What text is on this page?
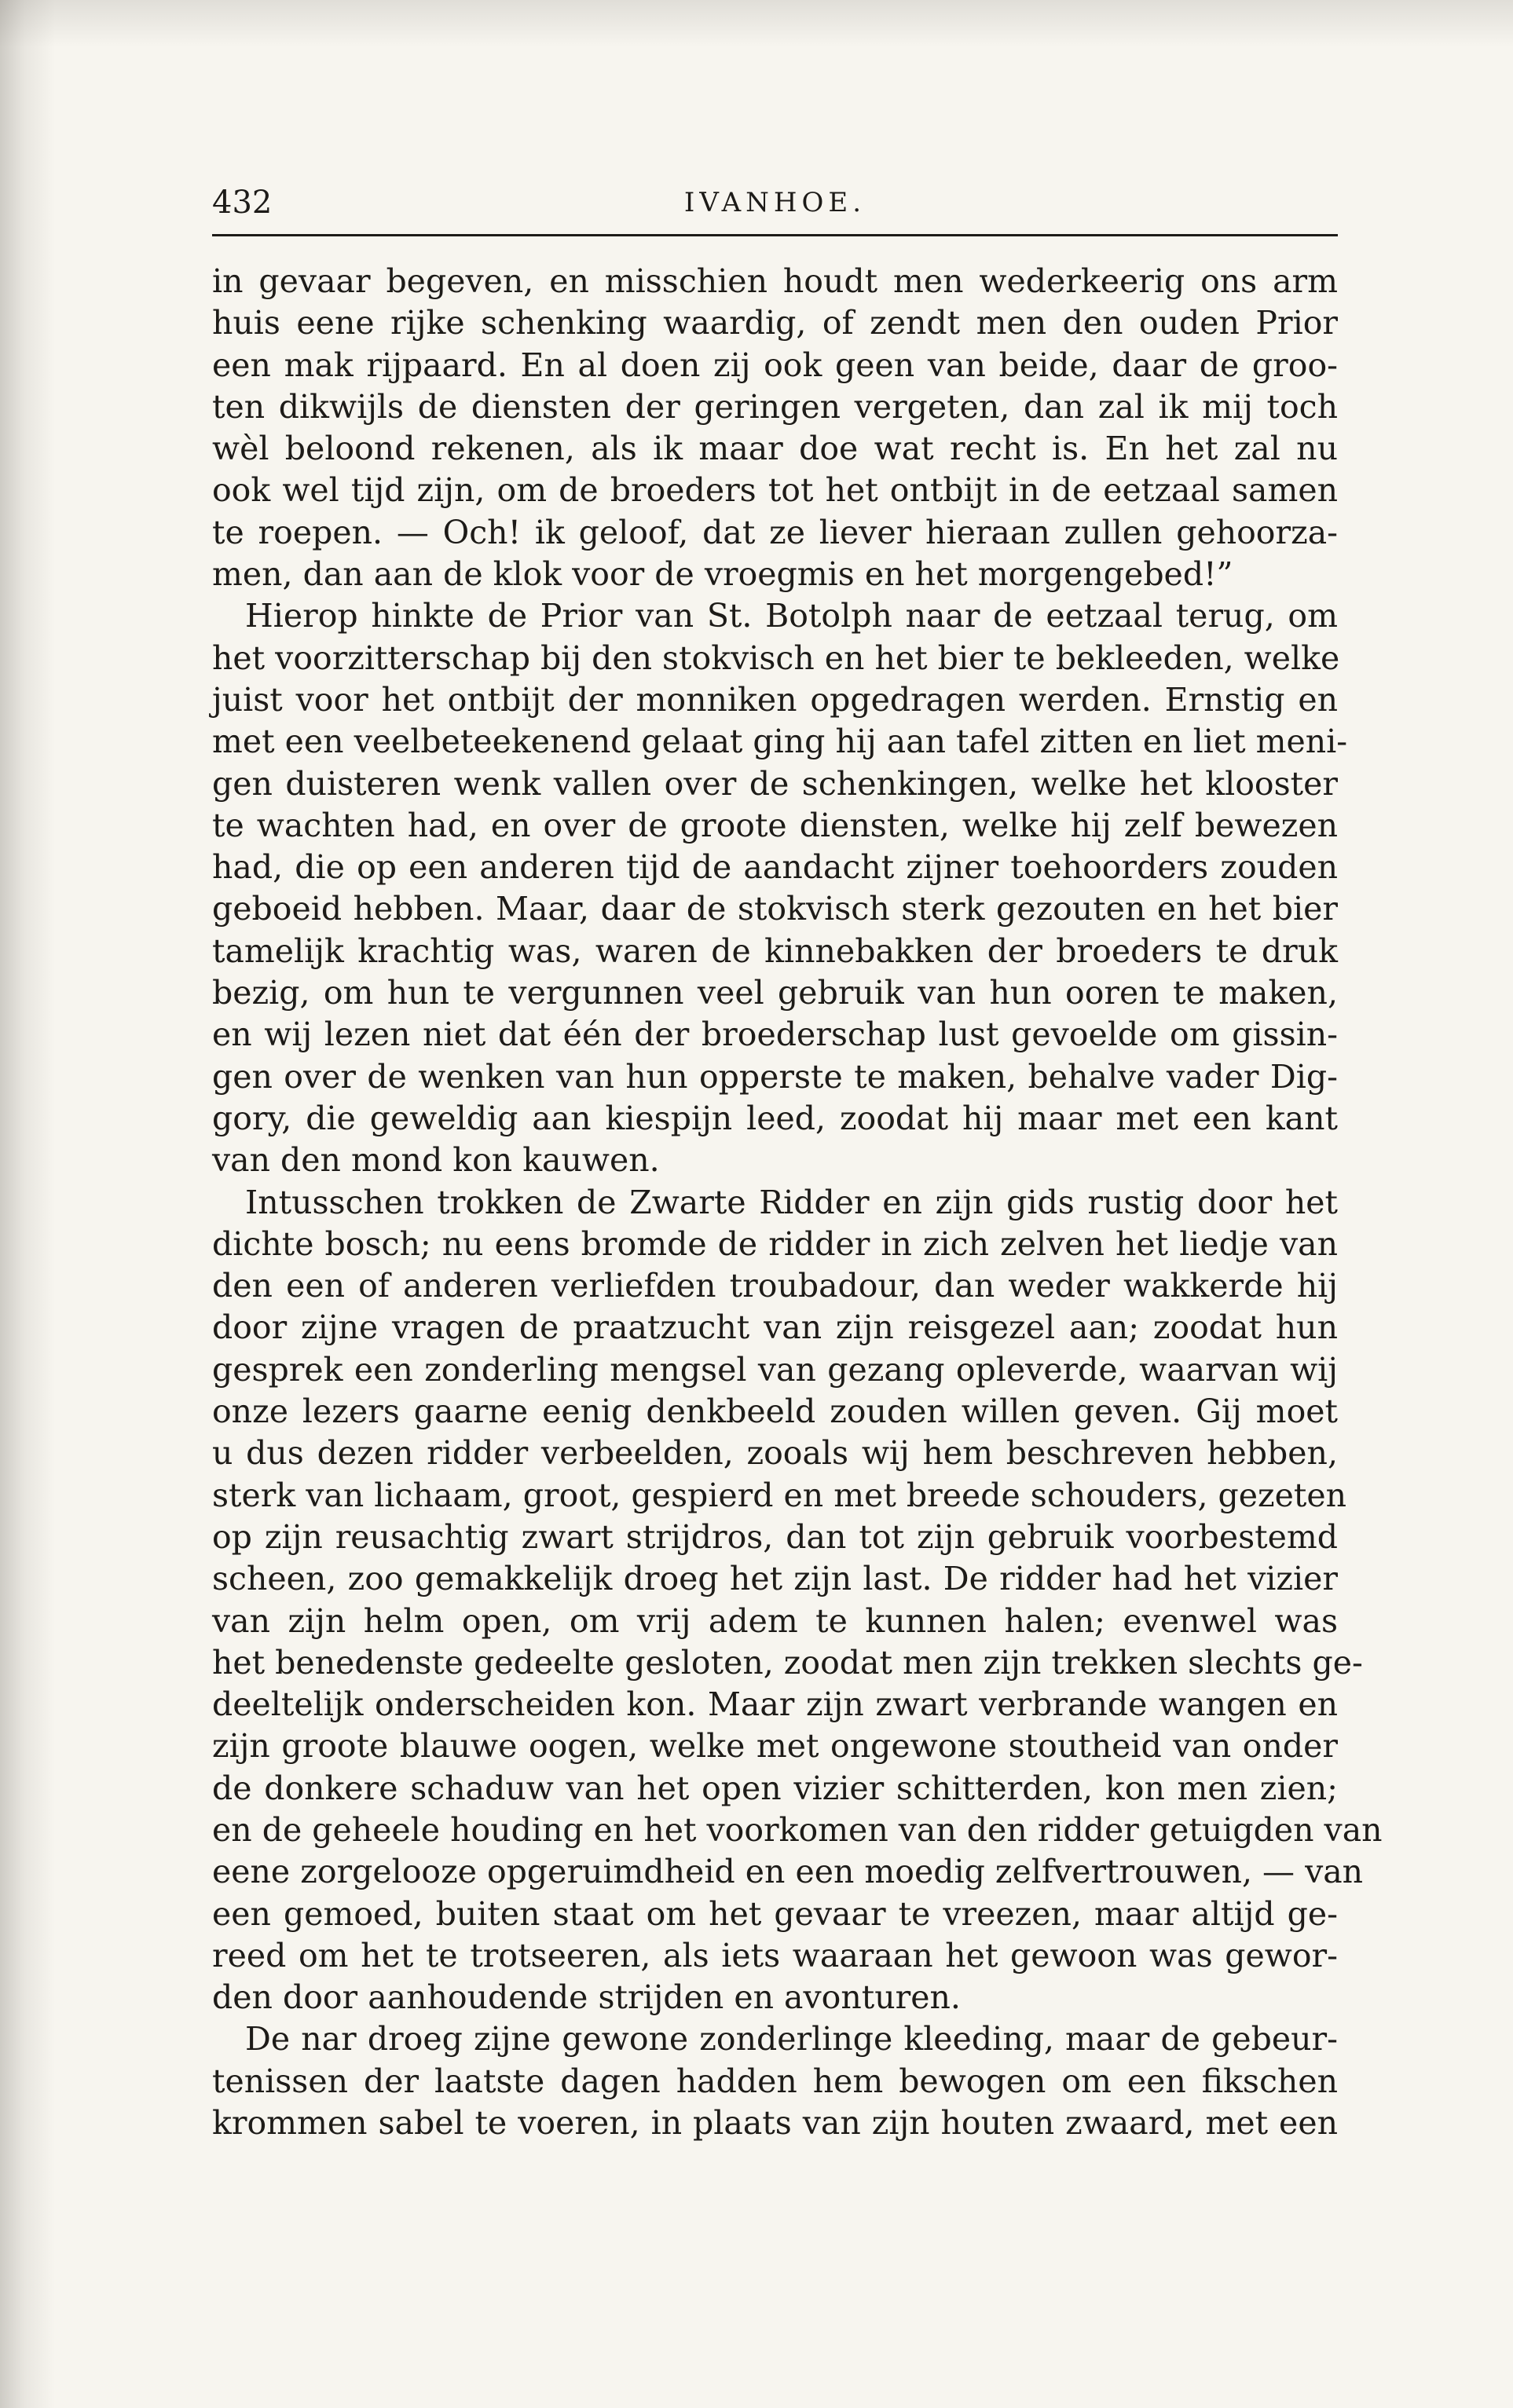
432	IVANHOE.
in gevaar begeven, en misschien houdt men wederkeerig ons arm
huis eene rijke schenking waardig, of zendt men den ouden Prior
een mak rijpaard. En al doen zij ook geen van beide, daar de groo-
ten dikwijls de diensten der geringen vergeten, dan zal ik mij toch
wèl beloond rekenen, als ik maar doe wat recht is. En het zal nu
ook wel tijd zijn, om de broeders tot het ontbijt in de eetzaal samen
te roepen. — Och! ik geloof, dat ze liever hieraan zullen gehoorza-
men, dan aan de klok voor de vroegmis en het morgengebed!”
Hierop hinkte de Prior van St. Botolph naar de eetzaal terug, om
het voorzitterschap bij den stokvisch en het bier te bekleeden, welke
juist voor het ontbijt der monniken opgedragen werden. Ernstig en
met een veelbeteekenend gelaat ging hij aan tafel zitten en liet meni-
gen duisteren wenk vallen over de schenkingen, welke het klooster
te wachten had, en over de groote diensten, welke hij zelf bewezen
had, die op een anderen tijd de aandacht zijner toehoorders zouden
geboeid hebben. Maar, daar de stokvisch sterk gezouten en het bier
tamelijk krachtig was, waren de kinnebakken der broeders te druk
bezig, om hun te vergunnen veel gebruik van hun ooren te maken,
en wij lezen niet dat één der broederschap lust gevoelde om gissin-
gen over de wenken van hun opperste te maken, behalve vader Dig-
gory, die geweldig aan kiespijn leed, zoodat hij maar met een kant
van den mond kon kauwen.
Intusschen trokken de Zwarte Ridder en zijn gids rustig door het
dichte bosch; nu eens bromde de ridder in zich zelven het liedje van
den een of anderen verliefden troubadour, dan weder wakkerde hij
door zijne vragen de praatzucht van zijn reisgezel aan; zoodat hun
gesprek een zonderling mengsel van gezang opleverde, waarvan wij
onze lezers gaarne eenig denkbeeld zouden willen geven. Gij moet
u dus dezen ridder verbeelden, zooals wij hem beschreven hebben,
sterk van lichaam, groot, gespierd en met breede schouders, gezeten
op zijn reusachtig zwart strijdros, dan tot zijn gebruik voorbestemd
scheen, zoo gemakkelijk droeg het zijn last. De ridder had het vizier
van zijn helm open, om vrij adem te kunnen halen; evenwel was
het benedenste gedeelte gesloten, zoodat men zijn trekken slechts ge-
deeltelijk onderscheiden kon. Maar zijn zwart verbrande wangen en
zijn groote blauwe oogen, welke met ongewone stoutheid van onder
de donkere schaduw van het open vizier schitterden, kon men zien;
en de geheele houding en het voorkomen van den ridder getuigden van
eene zorgelooze opgeruimdheid en een moedig zelfvertrouwen, — van
een gemoed, buiten staat om het gevaar te vreezen, maar altijd ge-
reed om het te trotseeren, als iets waaraan het gewoon was gewor-
den door aanhoudende strijden en avonturen.
De nar droeg zijne gewone zonderlinge kleeding, maar de gebeur-
tenissen der laatste dagen hadden hem bewogen om een fikschen
krommen sabel te voeren, in plaats van zijn houten zwaard, met een
